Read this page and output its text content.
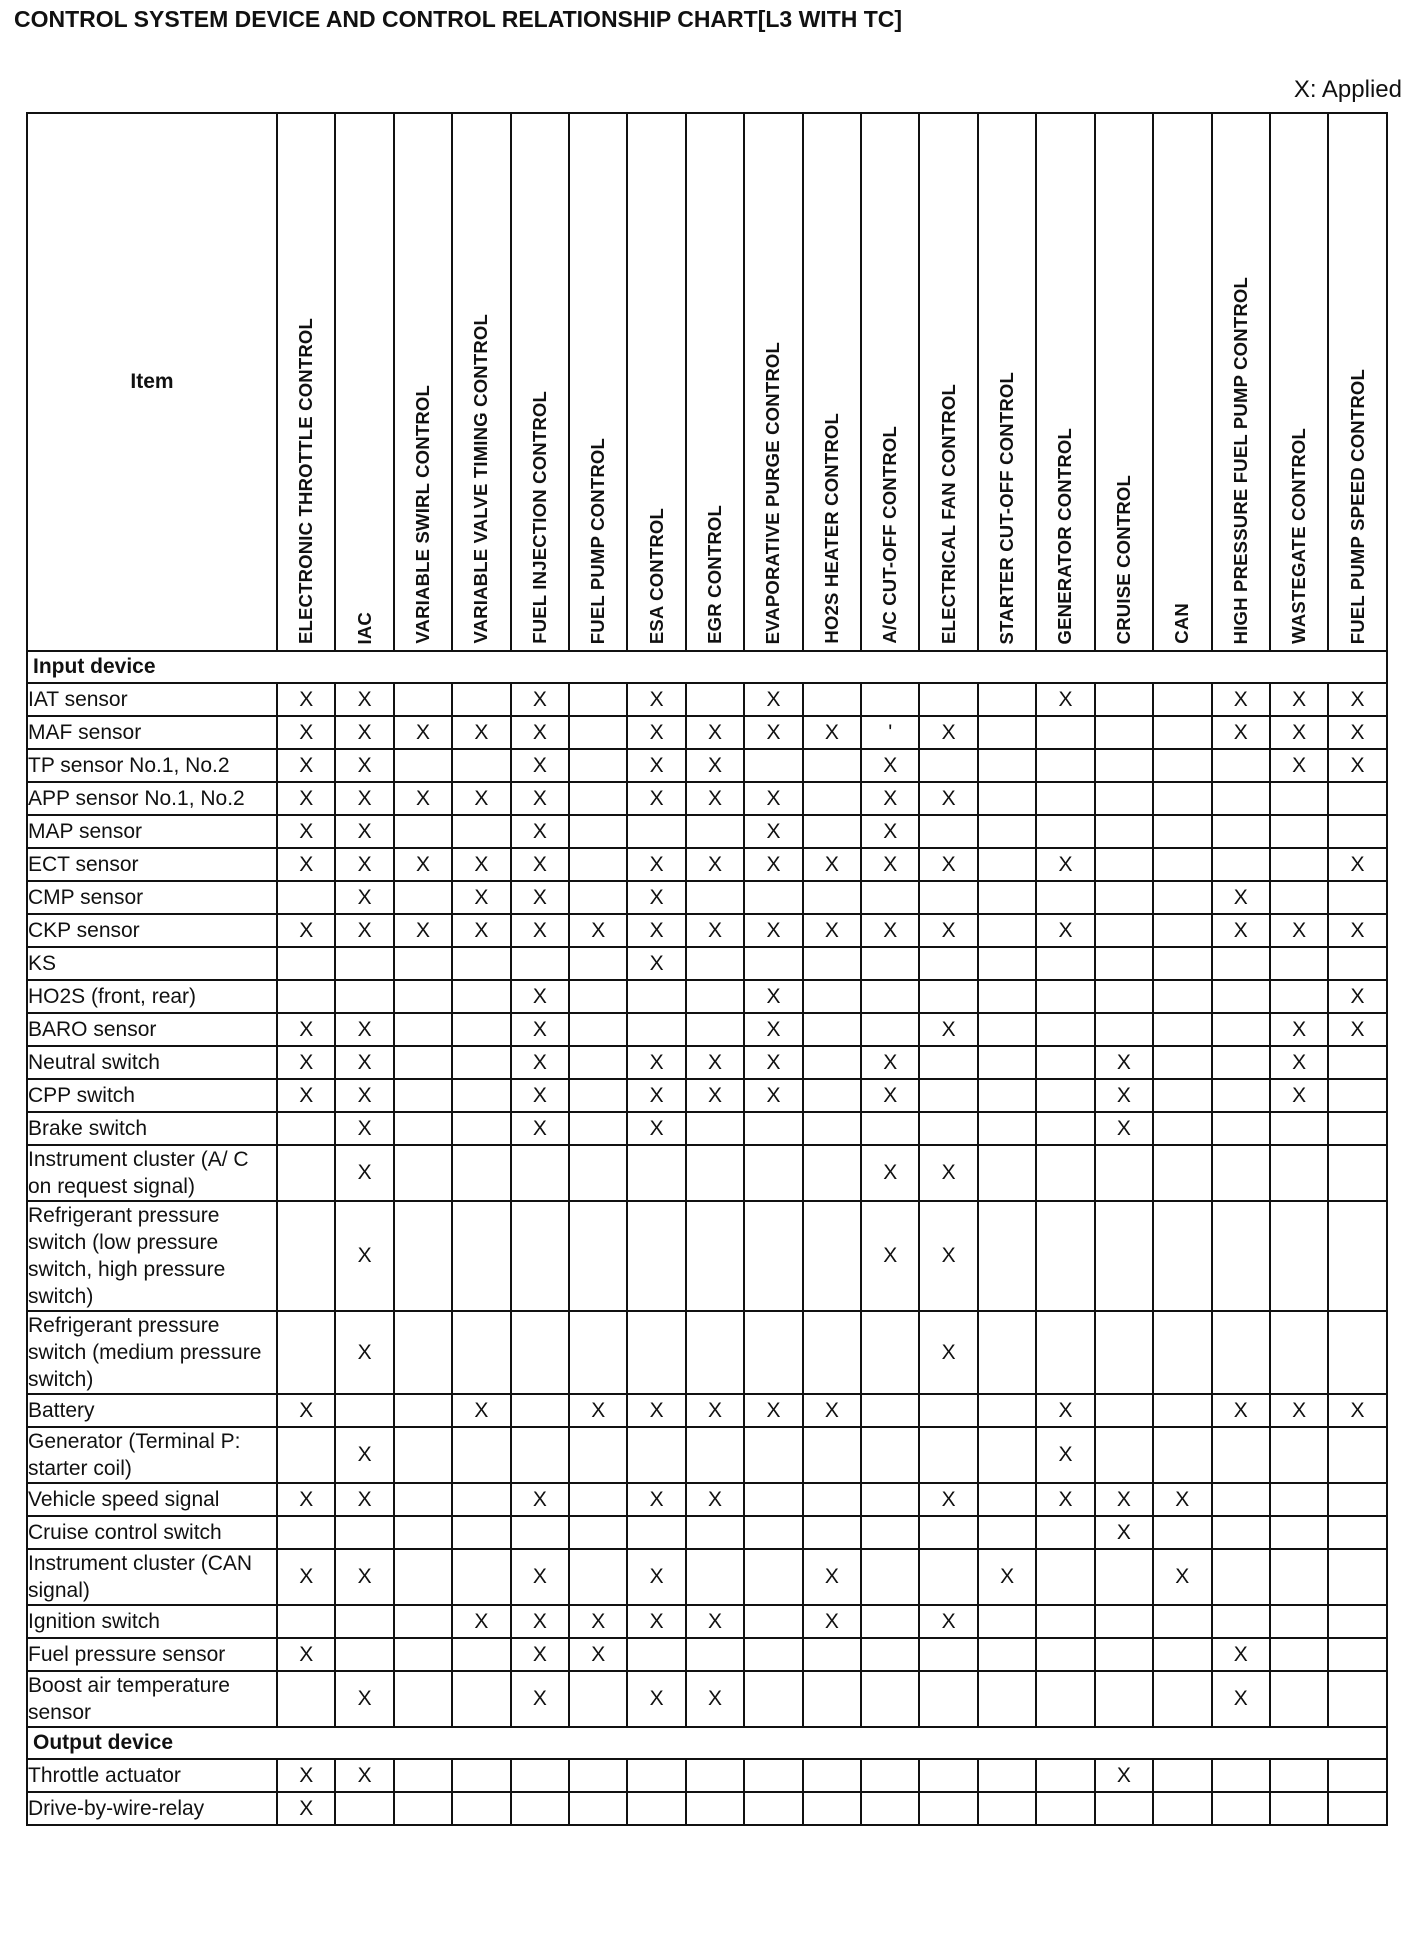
CONTROL SYSTEM DEVICE AND CONTROL RELATIONSHIP CHART[L3 WITH TC]
X: Applied
Item	ELECTRONIC THROTTLE CONTROL	IAC	VARIABLE SWIRL CONTROL	VARIABLE VALVE TIMING CONTROL	FUEL INJECTION CONTROL	FUEL PUMP CONTROL	ESA CONTROL	EGR CONTROL	EVAPORATIVE PURGE CONTROL	HO2S HEATER CONTROL	A/C CUT-OFF CONTROL	ELECTRICAL FAN CONTROL	STARTER CUT-OFF CONTROL	GENERATOR CONTROL	CRUISE CONTROL	CAN	HIGH PRESSURE FUEL PUMP CONTROL	WASTEGATE CONTROL	FUEL PUMP SPEED CONTROL

Input device																			
IAT sensor	X	X			X		X		X					X			X	X	X
MAF sensor	X	X	X	X	X		X	X	X	X	'	X					X	X	X
TP sensor No.1, No.2	X	X			X		X	X			X							X	X
APP sensor No.1, No.2	X	X	X	X	X		X	X	X		X	X							
MAP sensor	X	X			X				X		X								
ECT sensor	X	X	X	X	X		X	X	X	X	X	X		X					X
CMP sensor		X		X	X		X										X		
CKP sensor	X	X	X	X	X	X	X	X	X	X	X	X		X			X	X	X
KS							X												
HO2S (front, rear)					X				X										X
BARO sensor	X	X			X				X			X						X	X
Neutral switch	X	X			X		X	X	X		X				X			X	
CPP switch	X	X			X		X	X	X		X				X			X	
Brake switch		X			X		X								X				
Instrument cluster (A/ C on request signal)		X									X	X							
Refrigerant pressure switch (low pressure switch, high pressure switch)		X									X	X							
Refrigerant pressure switch (medium pressure switch)		X										X							
Battery	X			X		X	X	X	X	X				X			X	X	X
Generator (Terminal P: starter coil)		X												X					
Vehicle speed signal	X	X			X		X	X				X		X	X	X			
Cruise control switch															X				
Instrument cluster (CAN signal)	X	X			X		X			X			X			X			
Ignition switch				X	X	X	X	X		X		X							
Fuel pressure sensor	X				X	X											X		
Boost air temperature sensor		X			X		X	X									X		
Output device																			
Throttle actuator	X	X													X				
Drive-by-wire-relay	X																		
